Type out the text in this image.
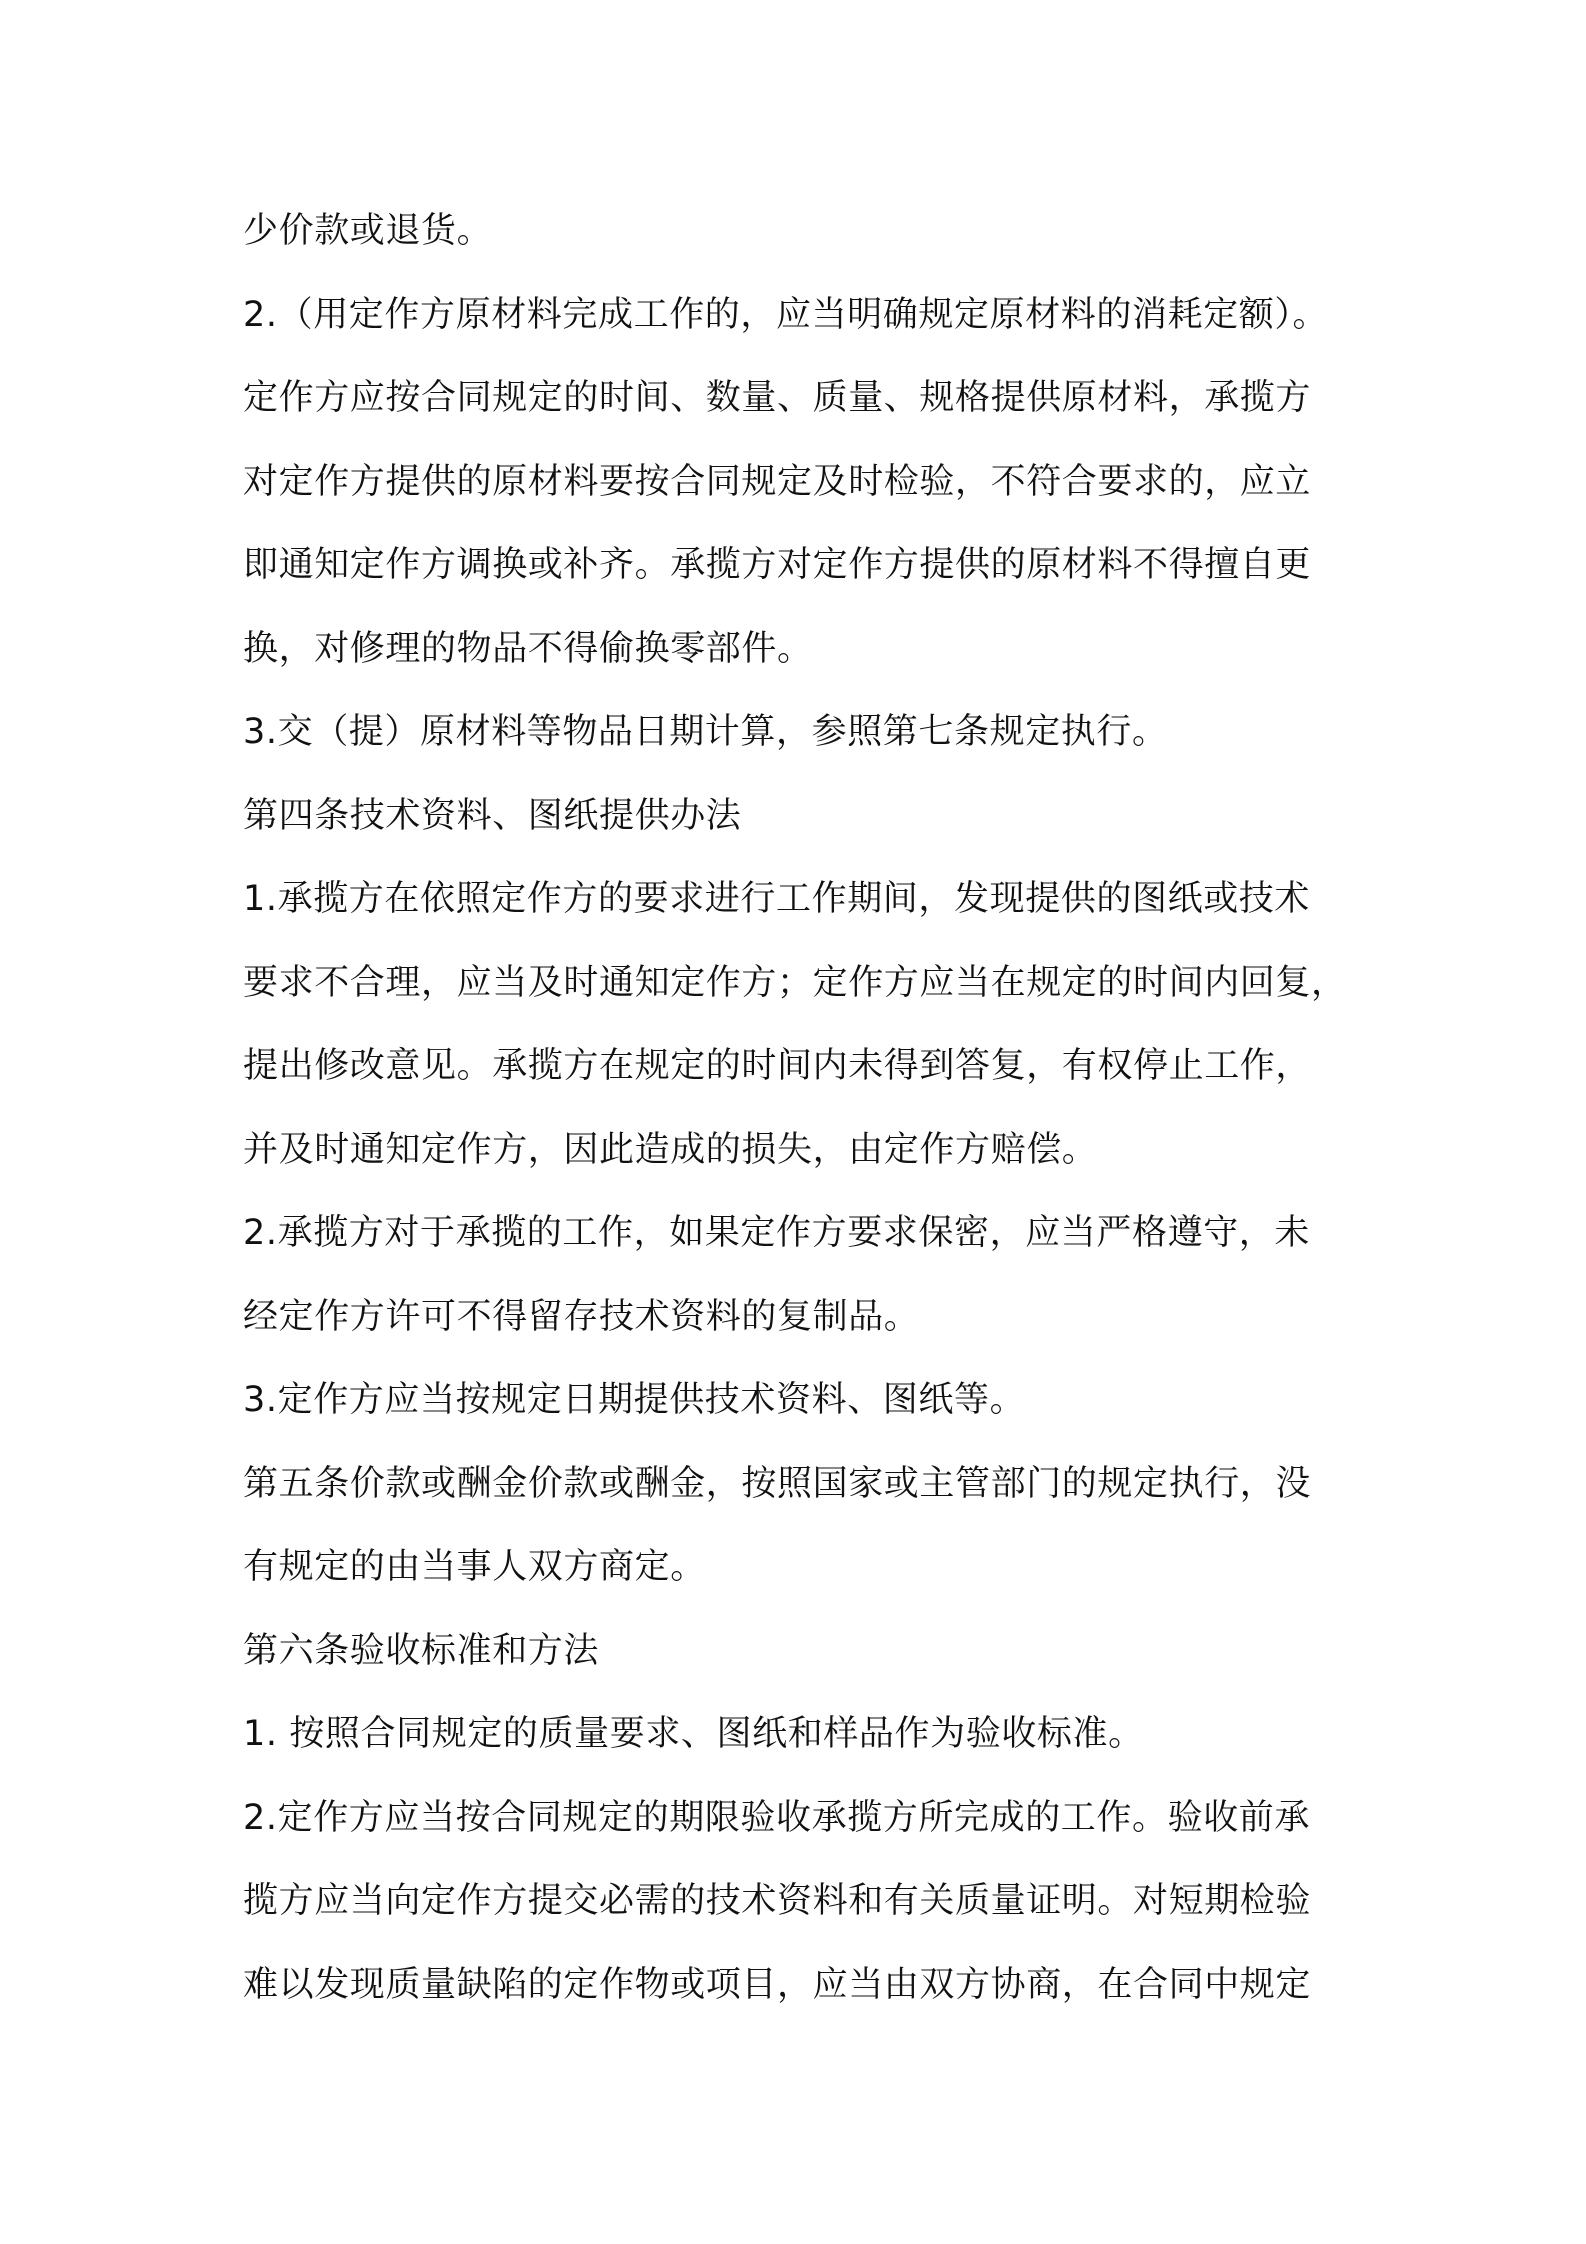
少价款或退货。
2.（用定作方原材料完成工作的，应当明确规定原材料的消耗定额）。
定作方应按合同规定的时间、数量、质量、规格提供原材料，承揽方
对定作方提供的原材料要按合同规定及时检验，不符合要求的，应立
即通知定作方调换或补齐。承揽方对定作方提供的原材料不得擅自更
换，对修理的物品不得偷换零部件。
3.交（提）原材料等物品日期计算，参照第七条规定执行。
第四条技术资料、图纸提供办法
1.承揽方在依照定作方的要求进行工作期间，发现提供的图纸或技术
要求不合理，应当及时通知定作方；定作方应当在规定的时间内回复，
提出修改意见。承揽方在规定的时间内未得到答复，有权停止工作，
并及时通知定作方，因此造成的损失，由定作方赔偿。
2.承揽方对于承揽的工作，如果定作方要求保密，应当严格遵守，未
经定作方许可不得留存技术资料的复制品。
3.定作方应当按规定日期提供技术资料、图纸等。
第五条价款或酬金价款或酬金，按照国家或主管部门的规定执行，没
有规定的由当事人双方商定。
第六条验收标准和方法
1. 按照合同规定的质量要求、图纸和样品作为验收标准。
2.定作方应当按合同规定的期限验收承揽方所完成的工作。验收前承
揽方应当向定作方提交必需的技术资料和有关质量证明。对短期检验
难以发现质量缺陷的定作物或项目，应当由双方协商，在合同中规定
